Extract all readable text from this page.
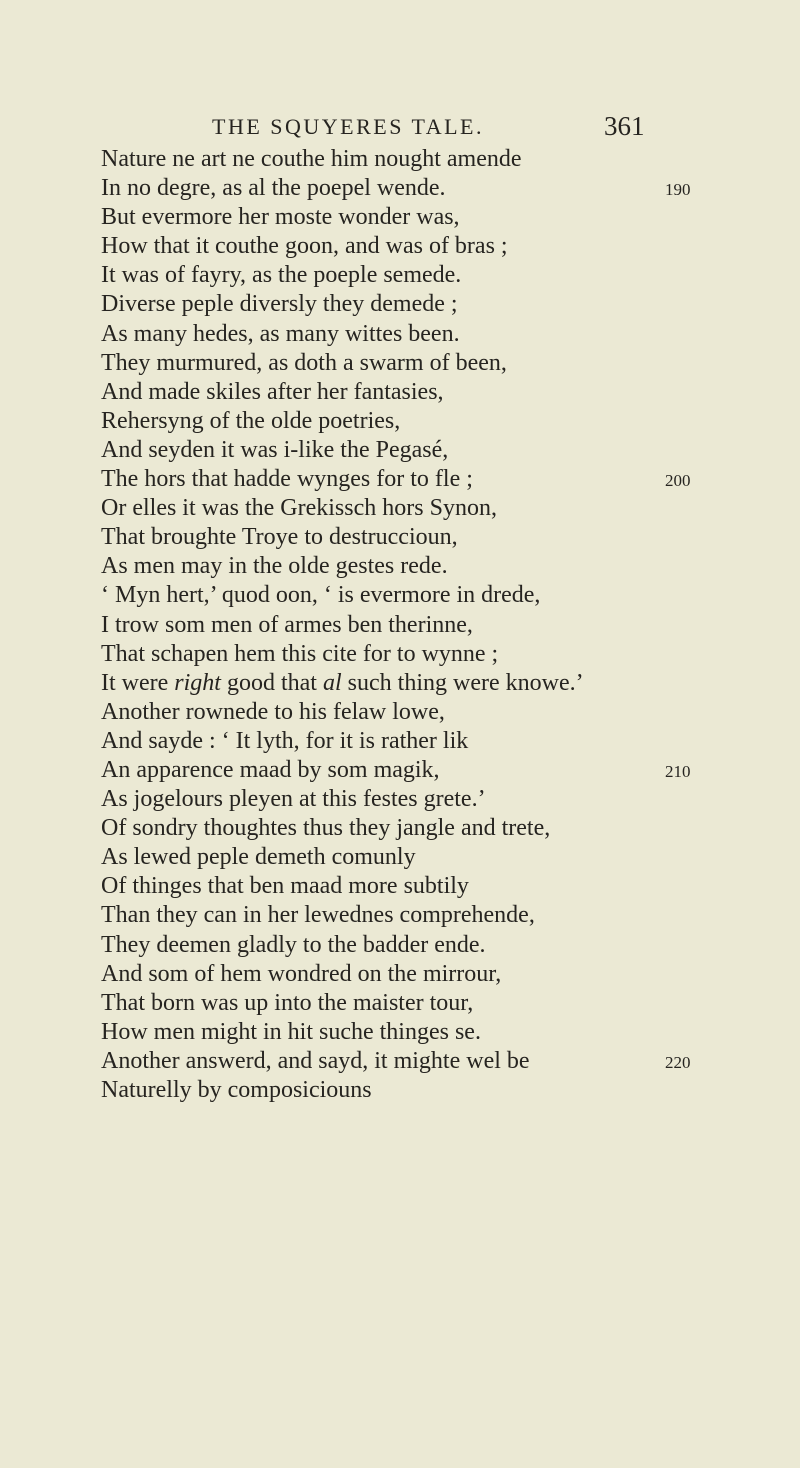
THE SQUYERES TALE.	361
Nature ne art ne couthe him nought amende
In no degre, as al the poepel wende.	190
But evermore her moste wonder was,
How that it couthe goon, and was of bras ;
It was of fayry, as the poeple semede.
Diverse peple diversly they demede ;
As many hedes, as many wittes been.
They murmured, as doth a swarm of been,
And made skiles after her fantasies,
Rehersyng of the olde poetries,
And seyden it was i-like the Pegasé,
The hors that hadde wynges for to fle ;	200
Or elles it was the Grekissch hors Synon,
That broughte Troye to destruccioun,
As men may in the olde gestes rede.
‘ Myn hert,’ quod oon, ‘ is evermore in drede,
I trow som men of armes ben therinne,
That schapen hem this cite for to wynne ;
It were right good that al such thing were knowe.’
Another rownede to his felaw lowe,
And sayde : ‘ It lyth, for it is rather lik
An apparence maad by som magik,	210
As jogelours pleyen at this festes grete.’
Of sondry thoughtes thus they jangle and trete,
As lewed peple demeth comunly
Of thinges that ben maad more subtily
Than they can in her lewednes comprehende,
They deemen gladly to the badder ende.
And som of hem wondred on the mirrour,
That born was up into the maister tour,
How men might in hit suche thinges se.
Another answerd, and sayd, it mighte wel be	220
Naturelly by composiciouns
